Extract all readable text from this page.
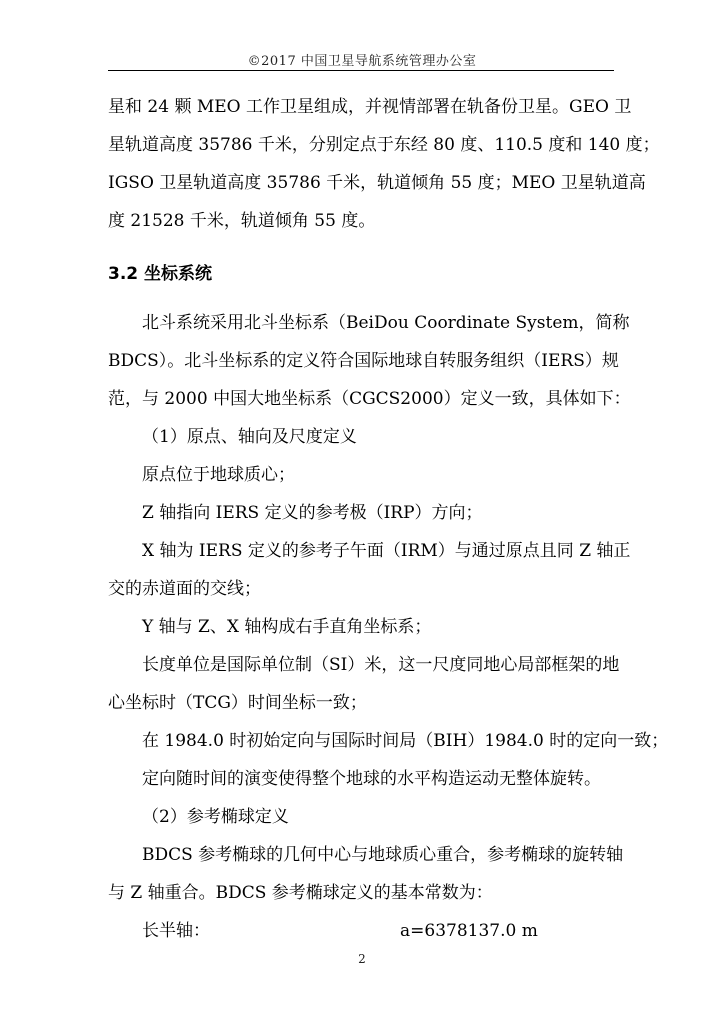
©2017 中国卫星导航系统管理办公室
星和 24 颗 MEO 工作卫星组成，并视情部署在轨备份卫星。GEO 卫
星轨道高度 35786 千米，分别定点于东经 80 度、110.5 度和 140 度；
IGSO 卫星轨道高度 35786 千米，轨道倾角 55 度；MEO 卫星轨道高
度 21528 千米，轨道倾角 55 度。
3.2 坐标系统
北斗系统采用北斗坐标系（BeiDou Coordinate System，简称
BDCS）。北斗坐标系的定义符合国际地球自转服务组织（IERS）规
范，与 2000 中国大地坐标系（CGCS2000）定义一致，具体如下：
（1）原点、轴向及尺度定义
原点位于地球质心；
Z 轴指向 IERS 定义的参考极（IRP）方向；
X 轴为 IERS 定义的参考子午面（IRM）与通过原点且同 Z 轴正
交的赤道面的交线；
Y 轴与 Z、X 轴构成右手直角坐标系；
长度单位是国际单位制（SI）米，这一尺度同地心局部框架的地
心坐标时（TCG）时间坐标一致；
在 1984.0 时初始定向与国际时间局（BIH）1984.0 时的定向一致；
定向随时间的演变使得整个地球的水平构造运动无整体旋转。
（2）参考椭球定义
BDCS 参考椭球的几何中心与地球质心重合，参考椭球的旋转轴
与 Z 轴重合。BDCS 参考椭球定义的基本常数为：
长半轴：	a=6378137.0 m
2
